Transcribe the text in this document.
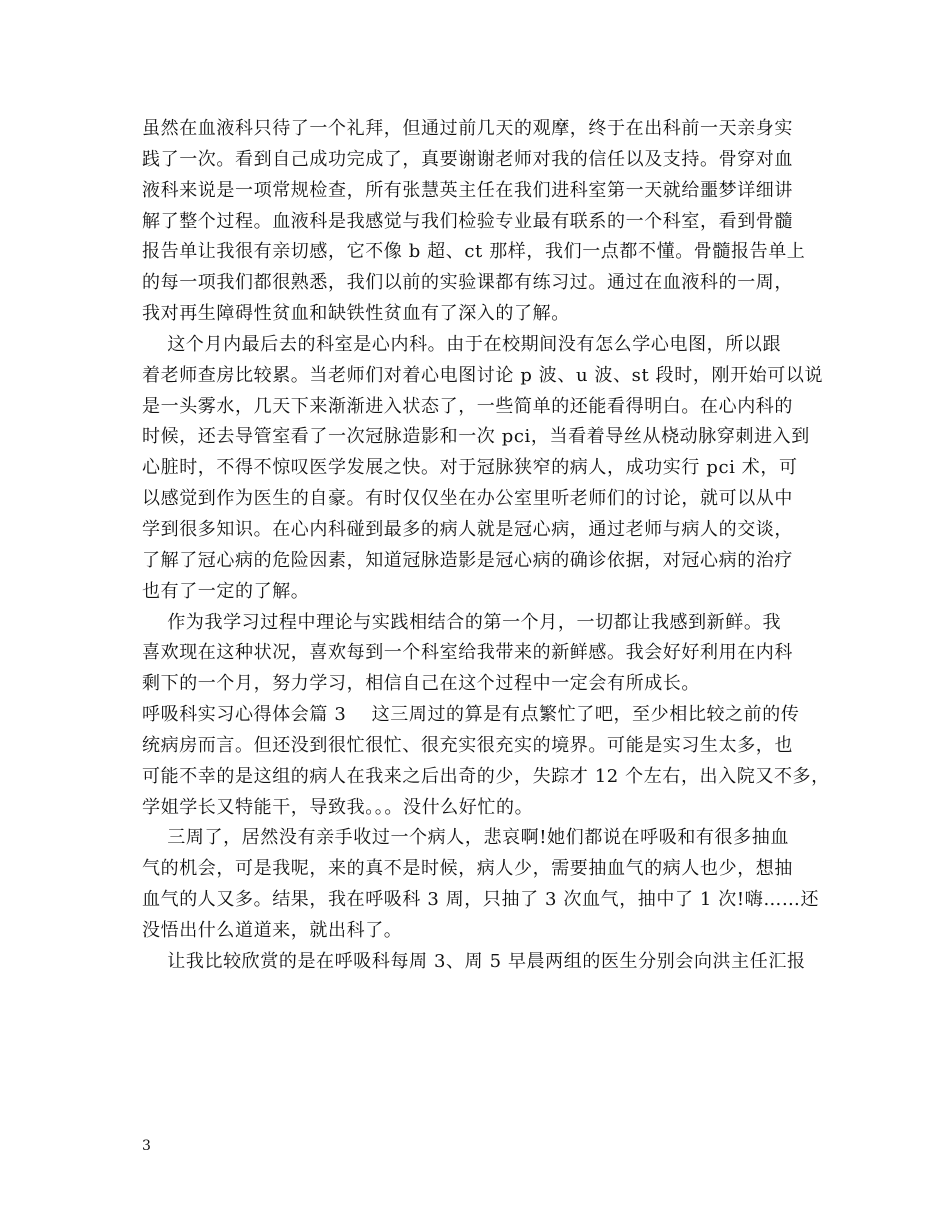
虽然在血液科只待了一个礼拜，但通过前几天的观摩，终于在出科前一天亲身实
践了一次。看到自己成功完成了，真要谢谢老师对我的信任以及支持。骨穿对血
液科来说是一项常规检查，所有张慧英主任在我们进科室第一天就给噩梦详细讲
解了整个过程。血液科是我感觉与我们检验专业最有联系的一个科室，看到骨髓
报告单让我很有亲切感，它不像 b 超、ct 那样，我们一点都不懂。骨髓报告单上
的每一项我们都很熟悉，我们以前的实验课都有练习过。通过在血液科的一周，
我对再生障碍性贫血和缺铁性贫血有了深入的了解。
这个月内最后去的科室是心内科。由于在校期间没有怎么学心电图，所以跟
着老师查房比较累。当老师们对着心电图讨论 p 波、u 波、st 段时，刚开始可以说
是一头雾水，几天下来渐渐进入状态了，一些简单的还能看得明白。在心内科的
时候，还去导管室看了一次冠脉造影和一次 pci，当看着导丝从桡动脉穿刺进入到
心脏时，不得不惊叹医学发展之快。对于冠脉狭窄的病人，成功实行 pci 术，可
以感觉到作为医生的自豪。有时仅仅坐在办公室里听老师们的讨论，就可以从中
学到很多知识。在心内科碰到最多的病人就是冠心病，通过老师与病人的交谈，
了解了冠心病的危险因素，知道冠脉造影是冠心病的确诊依据，对冠心病的治疗
也有了一定的了解。
作为我学习过程中理论与实践相结合的第一个月，一切都让我感到新鲜。我
喜欢现在这种状况，喜欢每到一个科室给我带来的新鲜感。我会好好利用在内科
剩下的一个月，努力学习，相信自己在这个过程中一定会有所成长。
呼吸科实习心得体会篇 3    这三周过的算是有点繁忙了吧，至少相比较之前的传
统病房而言。但还没到很忙很忙、很充实很充实的境界。可能是实习生太多，也
可能不幸的是这组的病人在我来之后出奇的少，失踪才 12 个左右，出入院又不多，
学姐学长又特能干，导致我。。。没什么好忙的。
三周了，居然没有亲手收过一个病人，悲哀啊!她们都说在呼吸和有很多抽血
气的机会，可是我呢，来的真不是时候，病人少，需要抽血气的病人也少，想抽
血气的人又多。结果，我在呼吸科 3 周，只抽了 3 次血气，抽中了 1 次!嗨……还
没悟出什么道道来，就出科了。
让我比较欣赏的是在呼吸科每周 3、周 5 早晨两组的医生分别会向洪主任汇报
3
